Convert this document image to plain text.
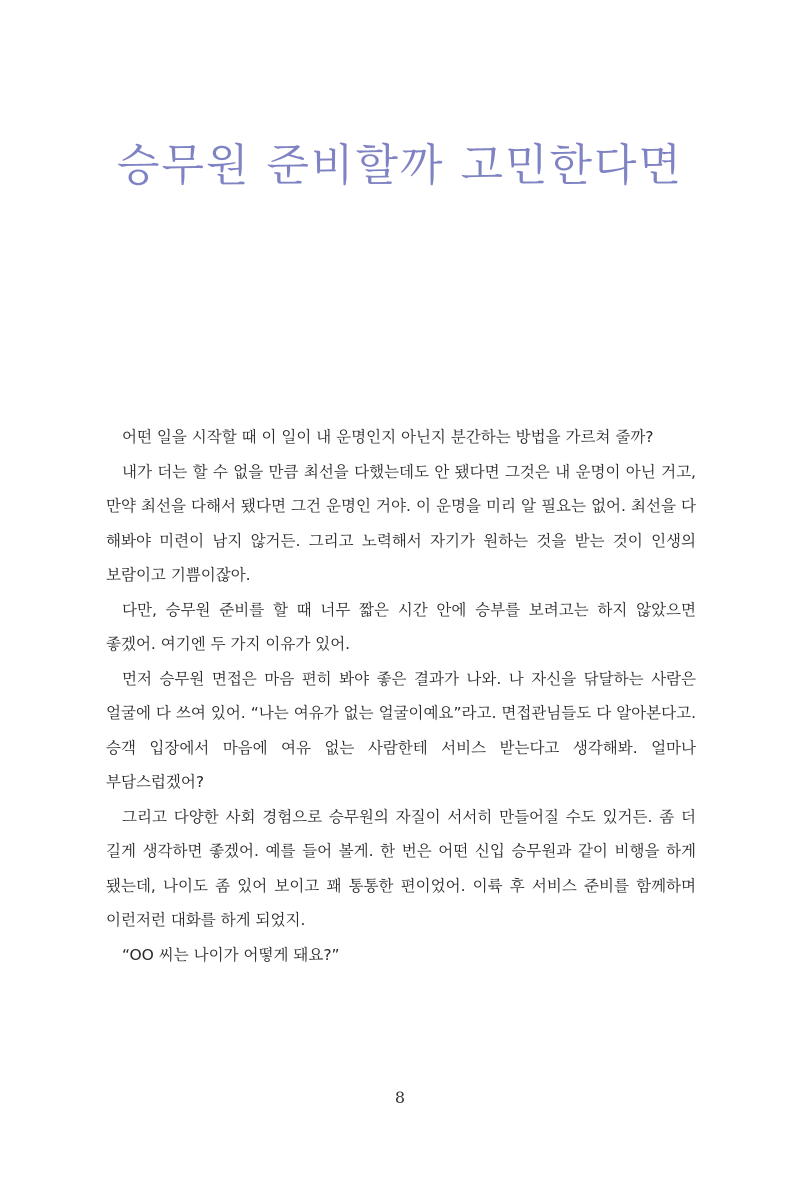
승무원 준비할까 고민한다면

어떤 일을 시작할 때 이 일이 내 운명인지 아닌지 분간하는 방법을 가르쳐 줄까?

내가 더는 할 수 없을 만큼 최선을 다했는데도 안 됐다면 그것은 내 운명이 아닌 거고, 만약 최선을 다해서 됐다면 그건 운명인 거야. 이 운명을 미리 알 필요는 없어. 최선을 다 해봐야 미련이 남지 않거든. 그리고 노력해서 자기가 원하는 것을 받는 것이 인생의 보람이고 기쁨이잖아.

다만, 승무원 준비를 할 때 너무 짧은 시간 안에 승부를 보려고는 하지 않았으면 좋겠어. 여기엔 두 가지 이유가 있어.

먼저 승무원 면접은 마음 편히 봐야 좋은 결과가 나와. 나 자신을 닦달하는 사람은 얼굴에 다 쓰여 있어. “나는 여유가 없는 얼굴이예요”라고. 면접관님들도 다 알아본다고. 승객 입장에서 마음에 여유 없는 사람한테 서비스 받는다고 생각해봐. 얼마나 부담스럽겠어?

그리고 다양한 사회 경험으로 승무원의 자질이 서서히 만들어질 수도 있거든. 좀 더 길게 생각하면 좋겠어. 예를 들어 볼게. 한 번은 어떤 신입 승무원과 같이 비행을 하게 됐는데, 나이도 좀 있어 보이고 꽤 통통한 편이었어. 이륙 후 서비스 준비를 함께하며 이런저런 대화를 하게 되었지.

“OO 씨는 나이가 어떻게 돼요?”

8
